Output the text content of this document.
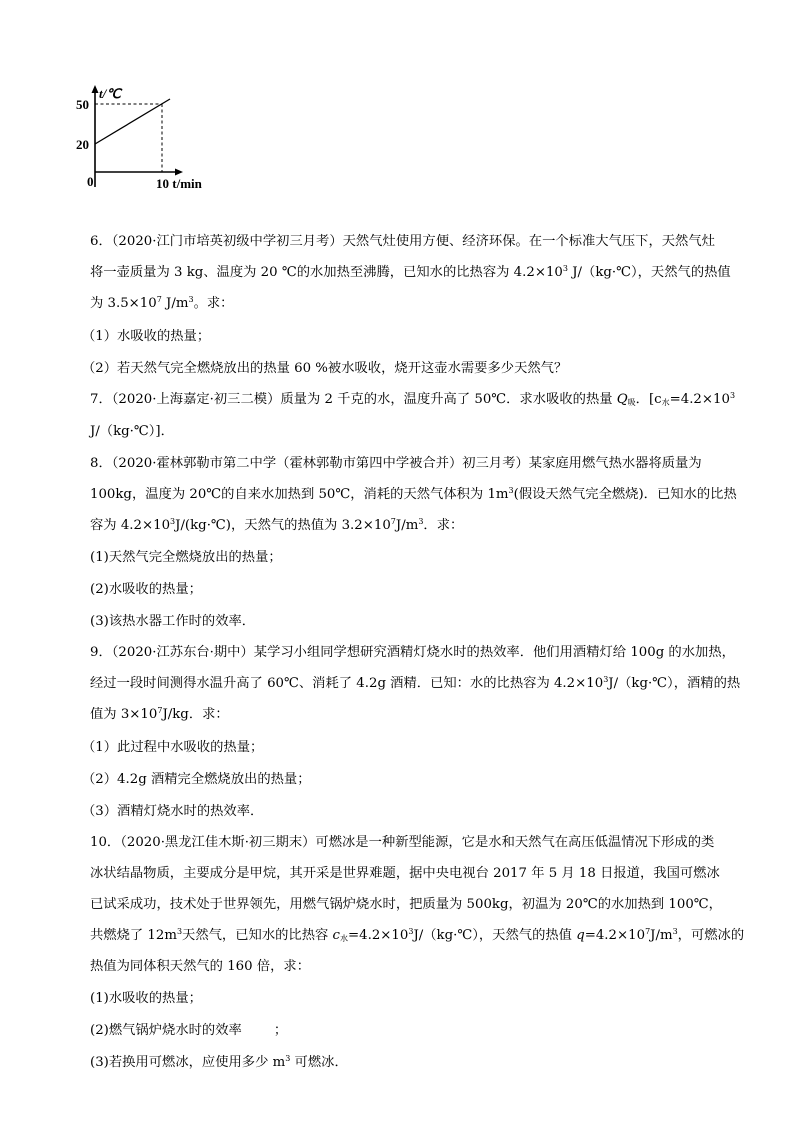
t/℃
50
20
0	10 t/min
6．（2020·江门市培英初级中学初三月考）天然气灶使用方便、经济环保。在一个标准大气压下，天然气灶
将一壶质量为 3 kg、温度为 20 ℃的水加热至沸腾，已知水的比热容为 $4.2\times 10^3$ J/（kg·℃），天然气的热值
为 $3.5\times 10^7$ $J/m^3$。求：
（1）水吸收的热量；
（2）若天然气完全燃烧放出的热量 60 %被水吸收，烧开这壶水需要多少天然气？
7．（2020·上海嘉定·初三二模）质量为 2 千克的水，温度升高了 50℃．求水吸收的热量 $Q_吸$．[$c_水=4.2\times 10^3$
J/（kg·℃）]．
8．（2020·霍林郭勒市第二中学（霍林郭勒市第四中学被合并）初三月考）某家庭用燃气热水器将质量为
100kg，温度为 20℃的自来水加热到 50℃，消耗的天然气体积为 $1m^3$(假设天然气完全燃烧)．已知水的比热
容为 $4.2\times 10^3J/(kg\cdot℃)$，天然气的热值为 $3.2\times 10^7J/m^3$．求：
(1)天然气完全燃烧放出的热量；
(2)水吸收的热量；
(3)该热水器工作时的效率．
9．（2020·江苏东台·期中）某学习小组同学想研究酒精灯烧水时的热效率．他们用酒精灯给 100g 的水加热，
经过一段时间测得水温升高了 60℃、消耗了 4.2g 酒精．已知：水的比热容为 $4.2\times 10^3J/(kg\cdot℃)$，酒精的热
值为 $3\times 10^7J/kg$．求：
（1）此过程中水吸收的热量；
（2）4.2g 酒精完全燃烧放出的热量；
（3）酒精灯烧水时的热效率．
10．（2020·黑龙江佳木斯·初三期末）可燃冰是一种新型能源，它是水和天然气在高压低温情况下形成的类
冰状结晶物质，主要成分是甲烷，其开采是世界难题，据中央电视台 2017 年 5 月 18 日报道，我国可燃冰
已试采成功，技术处于世界领先，用燃气锅炉烧水时，把质量为 500kg，初温为 20℃的水加热到 100℃，
共燃烧了 $12m^3$天然气，已知水的比热容 $c_水=4.2\times 10^3J/(kg\cdot℃)$，天然气的热值 $q=4.2\times 10^7J/m^3$，可燃冰的
热值为同体积天然气的 160 倍，求：
(1)水吸收的热量；
(2)燃气锅炉烧水时的效率 ；
(3)若换用可燃冰，应使用多少 $m^3$ 可燃冰．
